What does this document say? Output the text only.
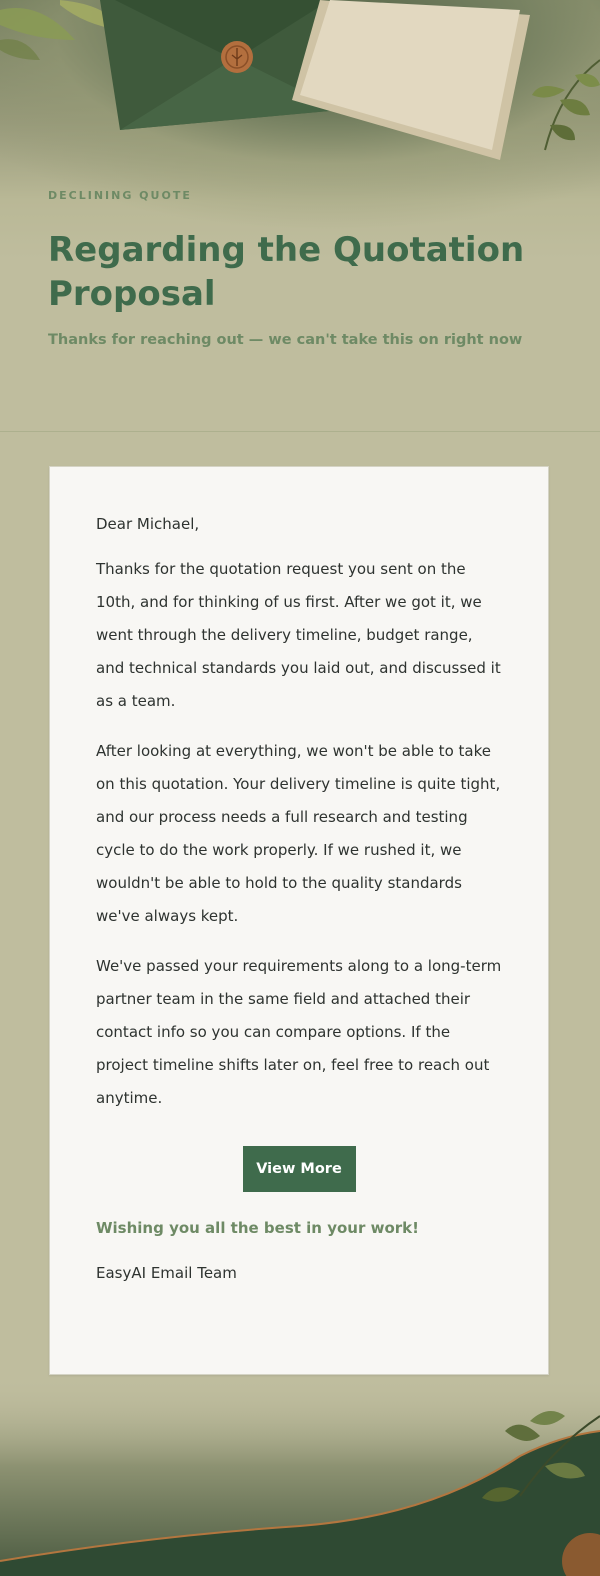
DECLINING QUOTE
Regarding the Quotation Proposal
Thanks for reaching out — we can't take this on right now

Dear Michael,

Thanks for the quotation request you sent on the 10th, and for thinking of us first. After we got it, we went through the delivery timeline, budget range, and technical standards you laid out, and discussed it as a team.

After looking at everything, we won't be able to take on this quotation. Your delivery timeline is quite tight, and our process needs a full research and testing cycle to do the work properly. If we rushed it, we wouldn't be able to hold to the quality standards we've always kept.

We've passed your requirements along to a long-term partner team in the same field and attached their contact info so you can compare options. If the project timeline shifts later on, feel free to reach out anytime.

View More

Wishing you all the best in your work!

EasyAI Email Team
